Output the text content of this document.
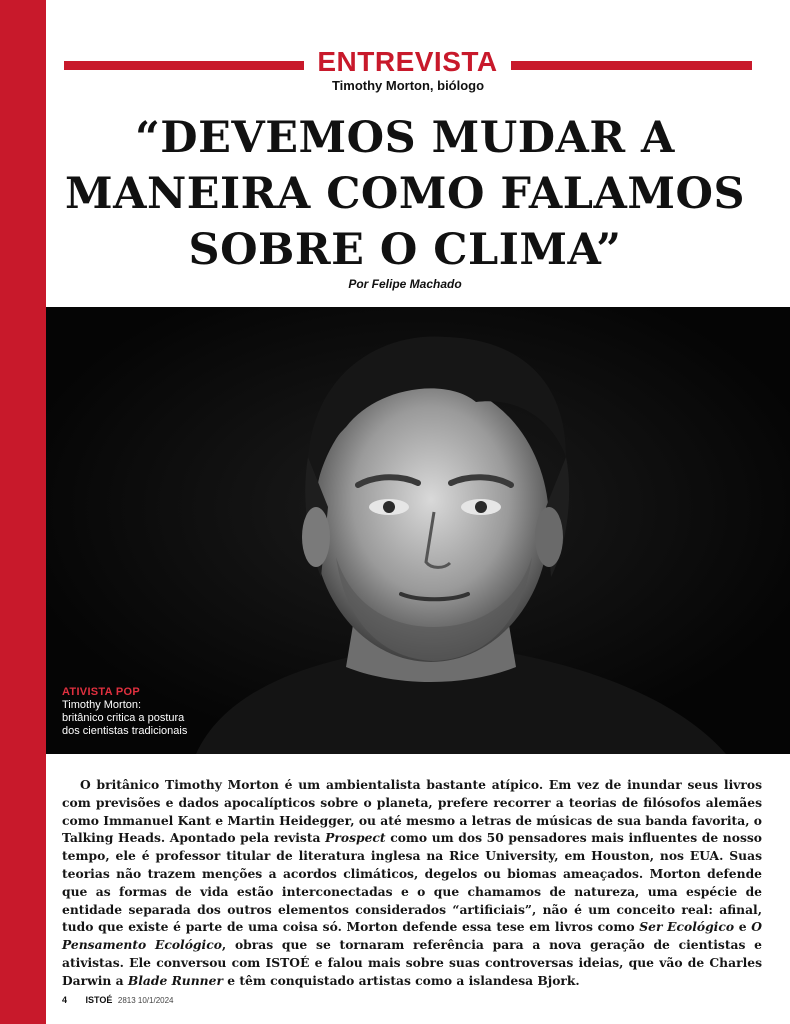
ENTREVISTA
Timothy Morton, biólogo
“DEVEMOS MUDAR A
MANEIRA COMO FALAMOS
SOBRE O CLIMA”
Por Felipe Machado
ATIVISTA POP
Timothy Morton:
britânico critica a postura
dos cientistas tradicionais

O britânico Timothy Morton é um ambientalista bastante atípico. Em vez de inundar seus livros com previsões e dados apocalípticos sobre o planeta, prefere recorrer a teorias de filósofos alemães como Immanuel Kant e Martin Heidegger, ou até mesmo a letras de músicas de sua banda favorita, o Talking Heads. Apontado pela revista Prospect como um dos 50 pensadores mais influentes de nosso tempo, ele é professor titular de literatura inglesa na Rice University, em Houston, nos EUA. Suas teorias não trazem menções a acordos climáticos, degelos ou biomas ameaçados. Morton defende que as formas de vida estão interconectadas e o que chamamos de natureza, uma espécie de entidade separada dos outros elementos considerados “artificiais”, não é um conceito real: afinal, tudo que existe é parte de uma coisa só. Morton defende essa tese em livros como Ser Ecológico e O Pensamento Ecológico, obras que se tornaram referência para a nova geração de cientistas e ativistas. Ele conversou com ISTOÉ e falou mais sobre suas controversas ideias, que vão de Charles Darwin a Blade Runner e têm conquistado artistas como a islandesa Bjork.

4 ISTOÉ 2813 10/1/2024
